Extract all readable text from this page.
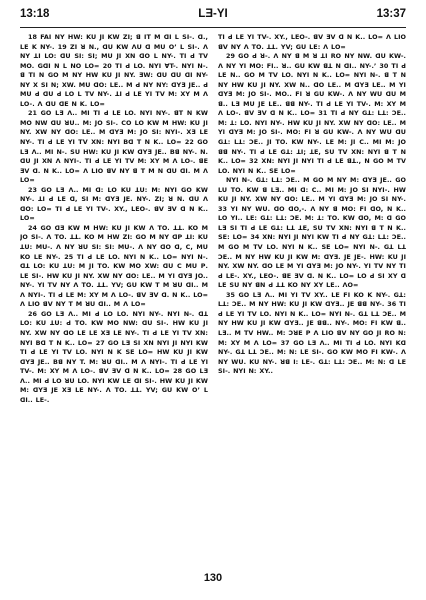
13:18	LƎ-YI	13:37

18 FAI NY HW: KU JI KW ZI; ꓭ IT M ꓷI L SI-. ꓷ., LE K NY-. 19 ZI ꓤ N., ꓷU KW ɅU ꓷ MU Oʼ L SI-. Ʌ NY ꓕI LO: ꓷU SI: SI; MU JI XN ꓷO L NY-. TI ꓒ TV MO. GꓷI N L NO LO= 20 TI ꓒ LO. NYI ꓯT-. NYI N-. ꓭ TI N GO M NY HW KU JI NY. ƎW: ꓷU ꓷU ꓷI NY- NY X SI N; XW. MU ꓷO: LE.. M ꓒ NY NY: ꓷYƎ JE.. ꓒ MU ꓒ ꓷU ꓒ LO L TV NY-. ꓕI ꓒ LE YI TV M: XY M Ʌ LO-. Ʌ ꓷU ꓷE N K. LO=

21 GO LƎ Ʌ.. MI TI ꓒ LE LO. NYI NY-. ꓭT N KW MO NW ꓷU ꓤU.. M: JO SI-. CO LO KW M HW: KU JI NY. XW NY ꓷO: LE.. M ꓷYƎ M: JO SI: NYI-. XƎ LE NY-. TI ꓒ LE YI TV XN: NYI Bꓷ T N K.. LO= 22 GO LƎ Ʌ.. MI N-. SU HW: KU JI KW ꓷYƎ JE.. Bꓭ NY-. N. ꓷU JI XN Ʌ NYI-. TI ꓒ LE YI TV M: XY M Ʌ LO-. ꓭE ƎV ꓷ. N K.. LO= Ʌ LIO ꓭV NY ꓭ T M N ꓷU ꓷI. M Ʌ LO=

23 GO LƎ Ʌ.. MI ꓷ: LO KU ꓕU: M: NYI GO KW NY-. ꓕI ꓒ LE ꓷ, SI M: ꓷYƎ JE. NY-. ZI; ꓤ N. ꓷU Ʌ ꓷO: LO= TI ꓒ LE YI TV-. XY., LEO-. ꓭV ƎV ꓷ N K.. LO=

24 GO ꓷƎ KW M HW: KU JI KW Ʌ TO. ꓕꓕ. KO M JO SI-. Ʌ TO. ꓕꓕ. KO M HW ZI: GO M NY ꓷP ꓕI: KU ꓕU: MU-. Ʌ NY ꓤU SI: SI: MU-. Ʌ NY ꓷO ꓷ, C, MU KO LE NY-. 25 TI ꓒ LE LO. NYI N K.. LO= NYI N-. ꓷꓕ LO: KU ꓕU: M JI TO. KW MO XW: ꓷU C MU ꓑ. LE SI-. HW KU JI NY. XW NY ꓷO: LE.. M YI ꓷYƎ JO.. NY-. YI TV NY Ʌ TO. ꓕꓕ. YV; GU KW T M ꓤU ꓷI.. M Ʌ NYI-. TI ꓒ LE M: XY M Ʌ LO-. ꓭV ƎV ꓷ. N K.. LO= Ʌ LIO ꓭV NY T M ꓤU ꓷI.. M Ʌ LO=

26 GO LƎ Ʌ.. MI ꓒ LO LO. NYI NY-. NYI N-. ꓷꓕ LO: KU ꓕU: ꓒ TO. KW MO NW: ꓷU SI-. HW KU JI NY. XW NY ꓷO LE LE XƎ LE NY-. TI ꓒ LE YI TV XN: NYI Bꓷ T N K.. LO= 27 GO LƎ SI XN NYI JI NYI KW TI ꓒ LE YI TV LO. NYI N K SE LO= HW KU JI KW ꓷYƎ JE.. Bꓭ NY T. M: ꓤU ꓷI.. M Ʌ NYI-. TI ꓒ LE YI TV-. M: XY M Ʌ LO-. ꓭV ƎV ꓷ N K.. LO= 28 GO LƎ Ʌ.. MI ꓒ LO ꓤU LO. NYI KW LE ꓷI SI-. HW KU JI KW M: ꓷYƎ JE XƎ LE NY-. Ʌ TO. ꓕꓕ. YV; GU KW Oʼ L ꓷI.. LE-.

TI ꓒ LE YI TV-. XY., LEO-. ꓭV ƎV ꓷ N K.. LO= Ʌ LIO ꓭV NY Ʌ TO. ꓕꓕ. YV; GU LE: Ʌ LO=

29 GO ꓒ ꓤ-. Ʌ NY ꓭ M ꓤ ꓕI RO NY NW. ꓷU KW-. Ʌ NY YI MO: FI.. ꓤ.. GU KW ꓭꓕ N ꓷI.. NY-.ʼ 30 TI ꓒ LE N.. GO M TV LO. NYI N K.. LO= NYI N-. ꓭ T N NY HW KU JI NY. XW N.. ꓷO LE.. M ꓷYƎ LE.. M YI ꓷYƎ M: JO SI-. MO.. FI ꓤ GU KW-. Ʌ NY WU ꓷU M ꓭ.. LƎ MU JE LE.. ꓭꓭ NY-. TI ꓒ LE YI TV-. M: XY M Ʌ LO-. ꓭV ƎV ꓷ N K.. LO= 31 TI ꓒ NY Gꓕ: Lꓕ: ƆE.. M: ꓕ: LO. NYI NY-. HW KU JI NY. XW NY ꓷO: LE.. M YI ꓷYƎ M: JO SI-. MO: FI ꓤ GU KW-. Ʌ NY WU ꓷU Gꓕ: Lꓕ: ƆE.. JI TO. KW NY-. LE M: JI C.. MI M: JO ꓭꓭ NY-. TI ꓒ LE Gꓕ: ꓕI; ꓕE, SU TV XN: NYI ꓭ T N K.. LO= 32 XN: NYI JI NYI TI ꓒ LE ꓭꓕ., N GO M TV LO. NYI N K.. SE LO=

NYI N-. Gꓕ: Lꓕ: ƆE.. M GO M NY M: ꓷYƎ JE.. GO LU TO. KW ꓭ LƎ.. MI ꓷ: C.. MI M: JO SI NYI-. HW KU JI NY. XW NY ꓷO: LE.. M YI ꓷYƎ M: JO SI NY-. 33 YI NY WU. ꓷO ꓷO,-. Ʌ NY ꓭ MO: FI ꓷO, N K.. LO YI.. LE: Gꓕ: Lꓕ: ƆE. M: ꓕ: TO. KW ꓷO, M: ꓷ GO LƎ SI TI ꓒ LE Gꓕ: Lꓕ ꓕE, SU TV XN: NYI ꓭ T N K.. SE: LO= 34 XN: NYI JI NYI KW TI ꓒ NY Gꓕ: Lꓕ: ƆE.. M GO M TV LO. NYI N K.. SE LO= NYI N-. Gꓕ Lꓕ ƆE.. M NY HW KU JI KW M: ꓷYƎ. JE JE-. HW: KU JI NY. XW NY. ꓷO LE M YI ꓷYƎ M: JO NY-. YI TV NY TI ꓒ LE-. XY., LEO-. ꓭE ƎV ꓷ. N K.. LO= LO ꓒ SI XY ꓷ LE SU NY ꓭN ꓒ ꓕꓕ KO NY XY LE.. ꓥO=

35 GO LƎ Ʌ.. MI YI TV XY.. LE FI KO K NY-. Gꓕ: Lꓕ: ƆE.. M NY HW: KU JI KW ꓷYƎ.. JE ꓭꓭ NY-. 36 TI ꓒ LE YI TV LO. NYI N K.. LO= NYI N-. Gꓕ Lꓕ ƆE.. M NY HW KU JI KW ꓷYƎ.. JE ꓭꓭ.. NY-. MO: FI KW ꓭ.. LƎ.. M TV HW.. M: ƆꓤE ꓑ Ʌ LIO ꓭV NY GO JI RO N: M: XY M Ʌ LO= 37 GO LƎ Ʌ.. MI TI ꓒ LO. NYI Kꓷ NY-. Gꓕ Lꓕ ƆE.. M: N: LE SI-. GO KW MO FI KW-. Ʌ NY WU. KU NY-. ꓤꓭ I: LE-. Gꓕ: Lꓕ: ƆE.. M: N: ꓷ LE SI-. NYI N: XY..

130
